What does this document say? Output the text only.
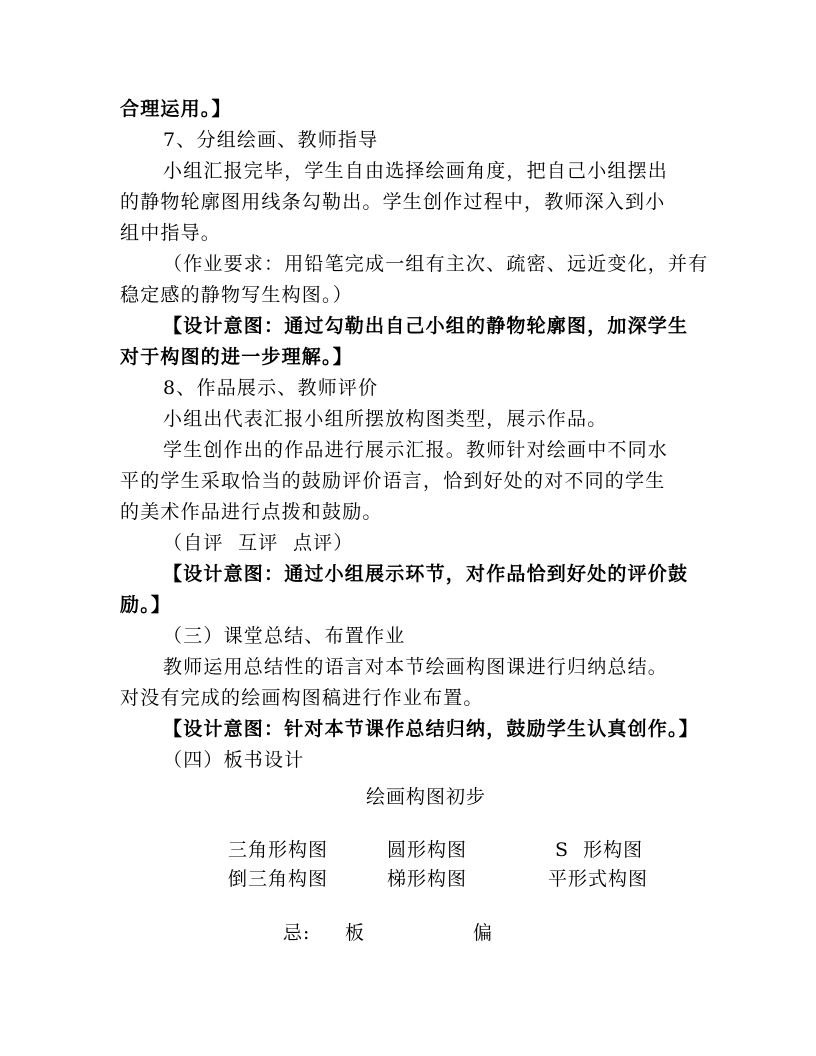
合理运用。】
7、分组绘画、教师指导
小组汇报完毕，学生自由选择绘画角度，把自己小组摆出
的静物轮廓图用线条勾勒出。学生创作过程中，教师深入到小
组中指导。
（作业要求：用铅笔完成一组有主次、疏密、远近变化，并有
稳定感的静物写生构图。）
【设计意图：通过勾勒出自己小组的静物轮廓图，加深学生
对于构图的进一步理解。】
8、作品展示、教师评价
小组出代表汇报小组所摆放构图类型，展示作品。
学生创作出的作品进行展示汇报。教师针对绘画中不同水
平的学生采取恰当的鼓励评价语言，恰到好处的对不同的学生
的美术作品进行点拨和鼓励。
（自评  互评  点评）
【设计意图：通过小组展示环节，对作品恰到好处的评价鼓
励。】
（三）课堂总结、布置作业
教师运用总结性的语言对本节绘画构图课进行归纳总结。
对没有完成的绘画构图稿进行作业布置。
【设计意图：针对本节课作总结归纳，鼓励学生认真创作。】
（四）板书设计
绘画构图初步
三角形构图	圆形构图	S  形构图
倒三角构图	梯形构图	平形式构图
忌: 板	偏
